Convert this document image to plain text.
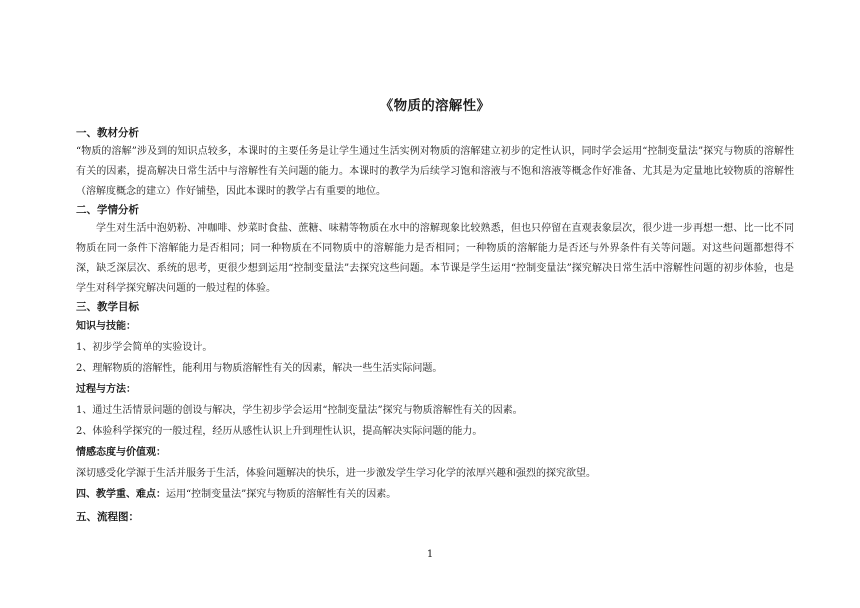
《物质的溶解性》
一、教材分析

“物质的溶解”涉及到的知识点较多，本课时的主要任务是让学生通过生活实例对物质的溶解建立初步的定性认识，同时学会运用“控制变量法”探究与物质的溶解性有关的因素，提高解决日常生活中与溶解性有关问题的能力。本课时的教学为后续学习饱和溶液与不饱和溶液等概念作好准备、尤其是为定量地比较物质的溶解性（溶解度概念的建立）作好铺垫，因此本课时的教学占有重要的地位。

二、学情分析

学生对生活中泡奶粉、冲咖啡、炒菜时食盐、蔗糖、味精等物质在水中的溶解现象比较熟悉，但也只停留在直观表象层次，很少进一步再想一想、比一比不同物质在同一条件下溶解能力是否相同；同一种物质在不同物质中的溶解能力是否相同；一种物质的溶解能力是否还与外界条件有关等问题。对这些问题都想得不深，缺乏深层次、系统的思考，更很少想到运用“控制变量法”去探究这些问题。本节课是学生运用“控制变量法”探究解决日常生活中溶解性问题的初步体验，也是学生对科学探究解决问题的一般过程的体验。

三、教学目标
知识与技能：
1、初步学会简单的实验设计。
2、理解物质的溶解性，能利用与物质溶解性有关的因素，解决一些生活实际问题。
过程与方法：
1、通过生活情景问题的创设与解决，学生初步学会运用“控制变量法”探究与物质溶解性有关的因素。
2、体验科学探究的一般过程，经历从感性认识上升到理性认识，提高解决实际问题的能力。
情感态度与价值观：
深切感受化学源于生活并服务于生活，体验问题解决的快乐，进一步激发学生学习化学的浓厚兴趣和强烈的探究欲望。
四、教学重、难点：运用“控制变量法”探究与物质的溶解性有关的因素。
五、流程图：
1
